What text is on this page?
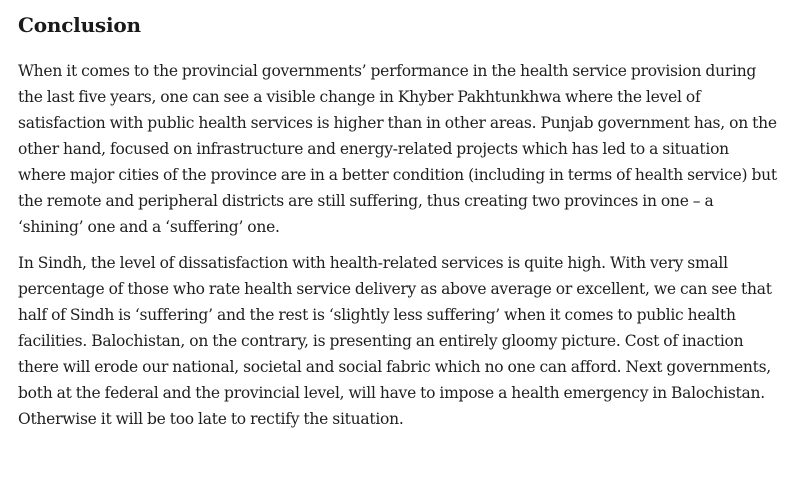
Conclusion

When it comes to the provincial governments’ performance in the health service provision during the last five years, one can see a visible change in Khyber Pakhtunkhwa where the level of satisfaction with public health services is higher than in other areas. Punjab government has, on the other hand, focused on infrastructure and energy-related projects which has led to a situation where major cities of the province are in a better condition (including in terms of health service) but the remote and peripheral districts are still suffering, thus creating two provinces in one – a ‘shining’ one and a ‘suffering’ one.

In Sindh, the level of dissatisfaction with health-related services is quite high. With very small percentage of those who rate health service delivery as above average or excellent, we can see that half of Sindh is ‘suffering’ and the rest is ‘slightly less suffering’ when it comes to public health facilities. Balochistan, on the contrary, is presenting an entirely gloomy picture. Cost of inaction there will erode our national, societal and social fabric which no one can afford. Next governments, both at the federal and the provincial level, will have to impose a health emergency in Balochistan. Otherwise it will be too late to rectify the situation.
